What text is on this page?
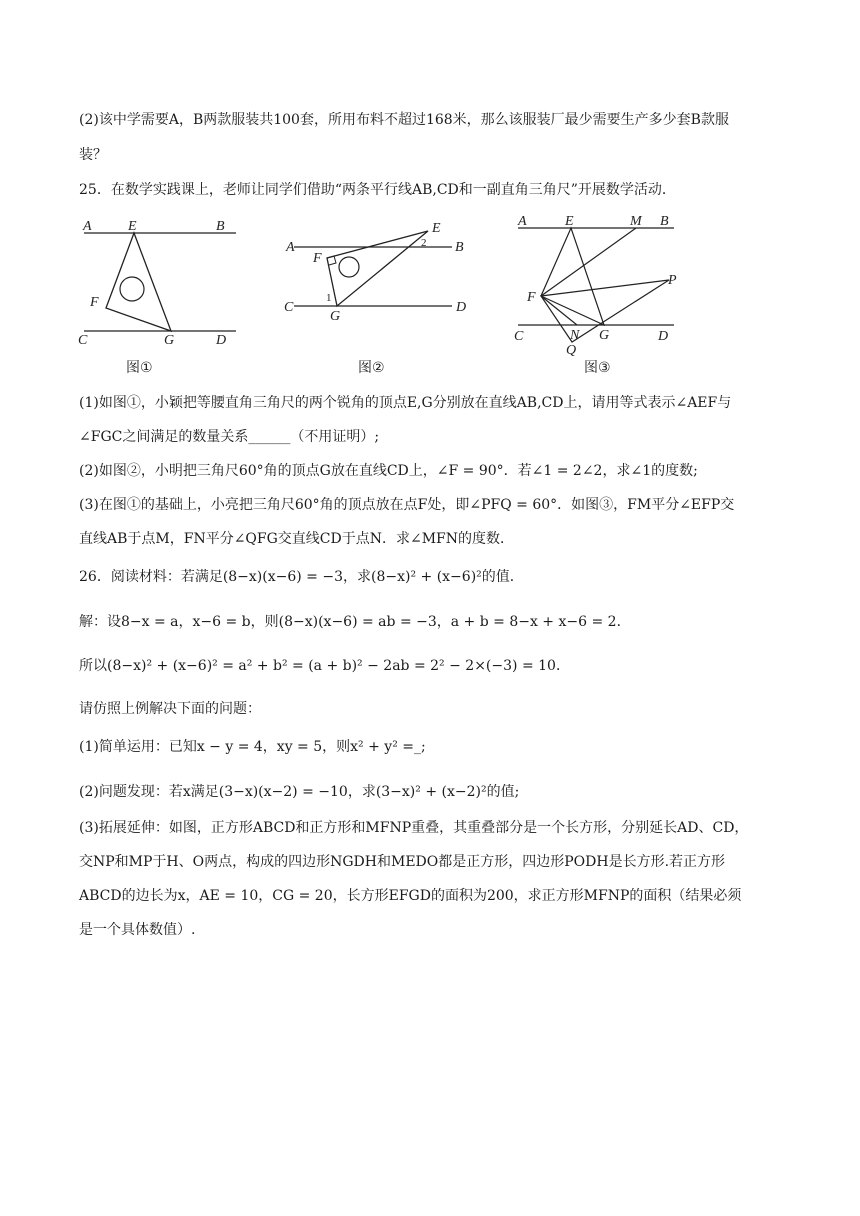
(2)该中学需要A，B两款服装共100套，所用布料不超过168米，那么该服装厂最少需要生产多少套B款服
装？
25．在数学实践课上，老师让同学们借助“两条平行线AB,CD和一副直角三角尺”开展数学活动．
A	E	B
F
C	G	D
图①
E
A
F
B
C
G
D
1
2
图②
A	E	M B
P
F
C	N G	D
Q
图③
(1)如图①，小颖把等腰直角三角尺的两个锐角的顶点E,G分别放在直线AB,CD上，请用等式表示∠AEF与
∠FGC之间满足的数量关系______（不用证明）;
(2)如图②，小明把三角尺60°角的顶点G放在直线CD上，∠F = 90°．若∠1 = 2∠2，求∠1的度数;
(3)在图①的基础上，小亮把三角尺60°角的顶点放在点F处，即∠PFQ = 60°．如图③，FM平分∠EFP交
直线AB于点M，FN平分∠QFG交直线CD于点N．求∠MFN的度数．
26．阅读材料：若满足(8−x)(x−6) = −3，求(8−x)² + (x−6)²的值．
解：设8−x = a，x−6 = b，则(8−x)(x−6) = ab = −3，a + b = 8−x + x−6 = 2．
所以(8−x)² + (x−6)² = a² + b² = (a + b)² − 2ab = 2² − 2×(−3) = 10．
请仿照上例解决下面的问题：
(1)简单运用：已知x − y = 4，xy = 5，则x² + y² =_;
(2)问题发现：若x满足(3−x)(x−2) = −10，求(3−x)² + (x−2)²的值;
(3)拓展延伸：如图，正方形ABCD和正方形和MFNP重叠，其重叠部分是一个长方形，分别延长AD、CD，
交NP和MP于H、O两点，构成的四边形NGDH和MEDO都是正方形，四边形PODH是长方形.若正方形
ABCD的边长为x，AE = 10，CG = 20，长方形EFGD的面积为200，求正方形MFNP的面积（结果必须
是一个具体数值）.
